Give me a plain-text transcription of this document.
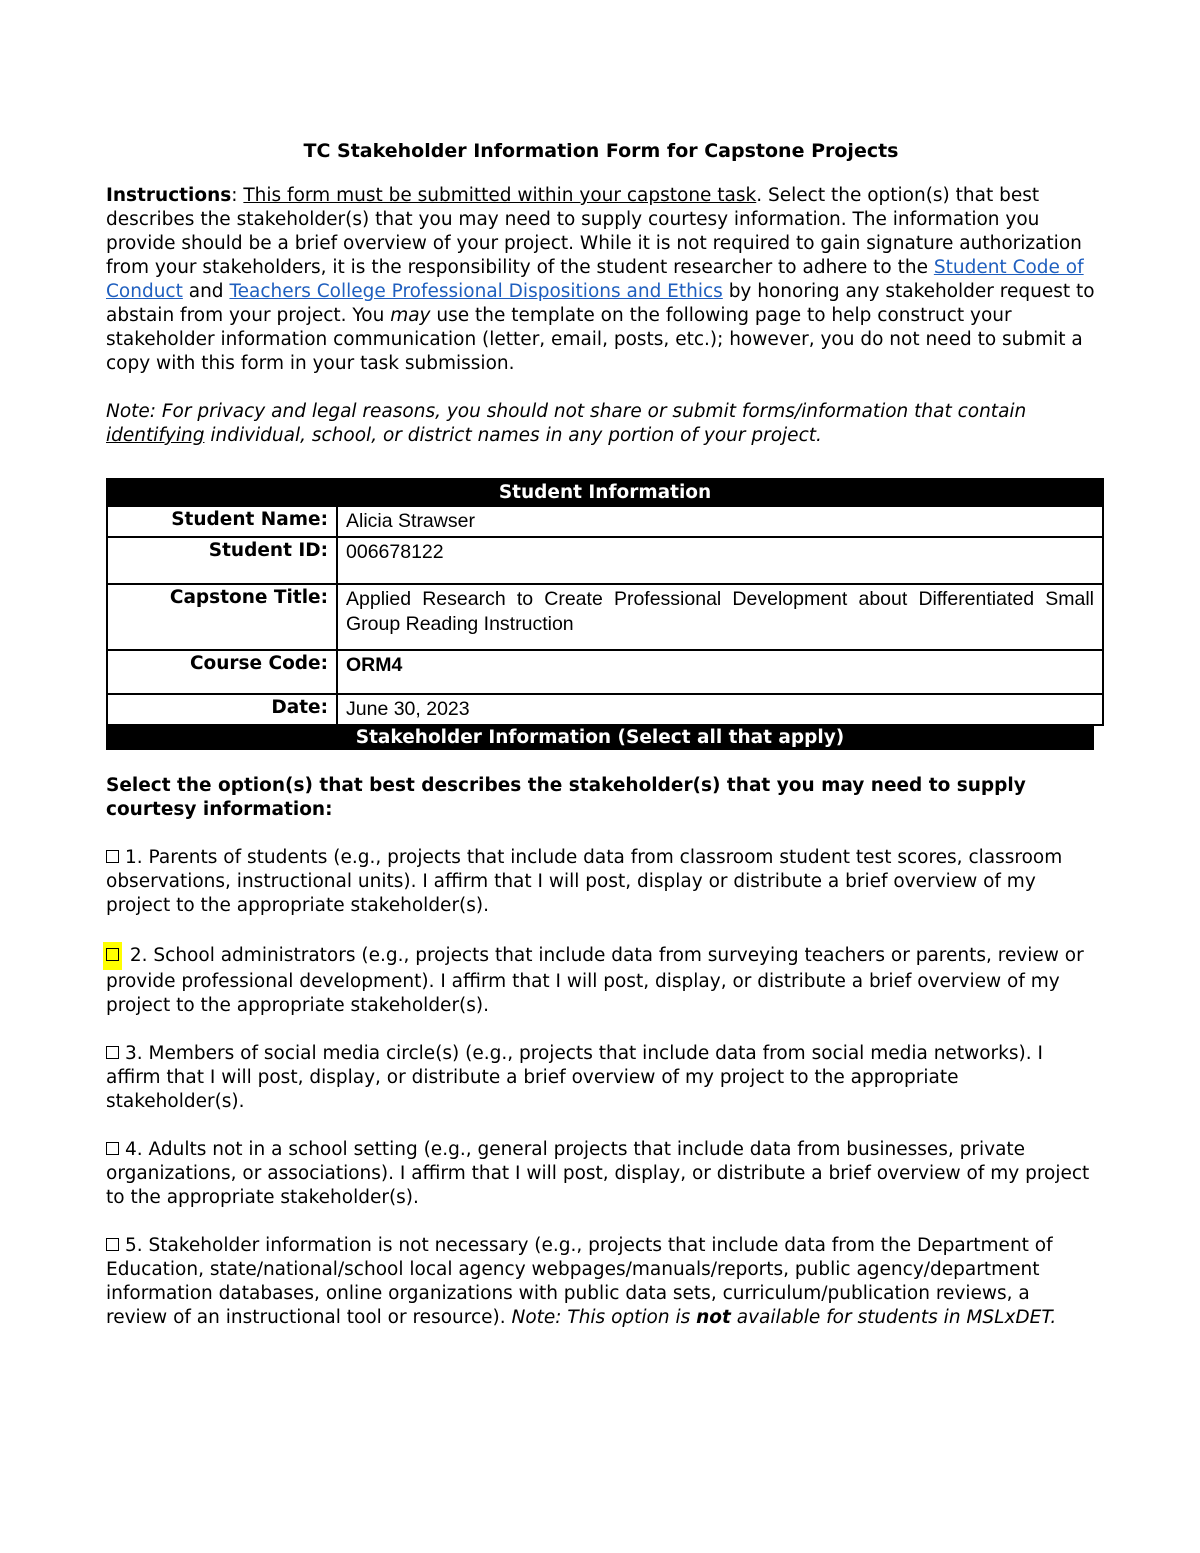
TC Stakeholder Information Form for Capstone Projects

Instructions: This form must be submitted within your capstone task. Select the option(s) that best describes the stakeholder(s) that you may need to supply courtesy information. The information you provide should be a brief overview of your project. While it is not required to gain signature authorization from your stakeholders, it is the responsibility of the student researcher to adhere to the Student Code of Conduct and Teachers College Professional Dispositions and Ethics by honoring any stakeholder request to abstain from your project. You may use the template on the following page to help construct your stakeholder information communication (letter, email, posts, etc.); however, you do not need to submit a copy with this form in your task submission.

Note: For privacy and legal reasons, you should not share or submit forms/information that contain identifying individual, school, or district names in any portion of your project.

Student Information	
Student Name:	Alicia Strawser
Student ID:	006678122
Capstone Title:	Applied Research to Create Professional Development about Differentiated Small Group Reading Instruction
Course Code:	ORM4
Date:	June 30, 2023
Stakeholder Information (Select all that apply)

Select the option(s) that best describes the stakeholder(s) that you may need to supply courtesy information:

1. Parents of students (e.g., projects that include data from classroom student test scores, classroom observations, instructional units). I affirm that I will post, display or distribute a brief overview of my project to the appropriate stakeholder(s).

2. School administrators (e.g., projects that include data from surveying teachers or parents, review or provide professional development). I affirm that I will post, display, or distribute a brief overview of my project to the appropriate stakeholder(s).

3. Members of social media circle(s) (e.g., projects that include data from social media networks). I affirm that I will post, display, or distribute a brief overview of my project to the appropriate stakeholder(s).

4. Adults not in a school setting (e.g., general projects that include data from businesses, private organizations, or associations). I affirm that I will post, display, or distribute a brief overview of my project to the appropriate stakeholder(s).

5. Stakeholder information is not necessary (e.g., projects that include data from the Department of Education, state/national/school local agency webpages/manuals/reports, public agency/department information databases, online organizations with public data sets, curriculum/publication reviews, a review of an instructional tool or resource). Note: This option is not available for students in MSLxDET.
